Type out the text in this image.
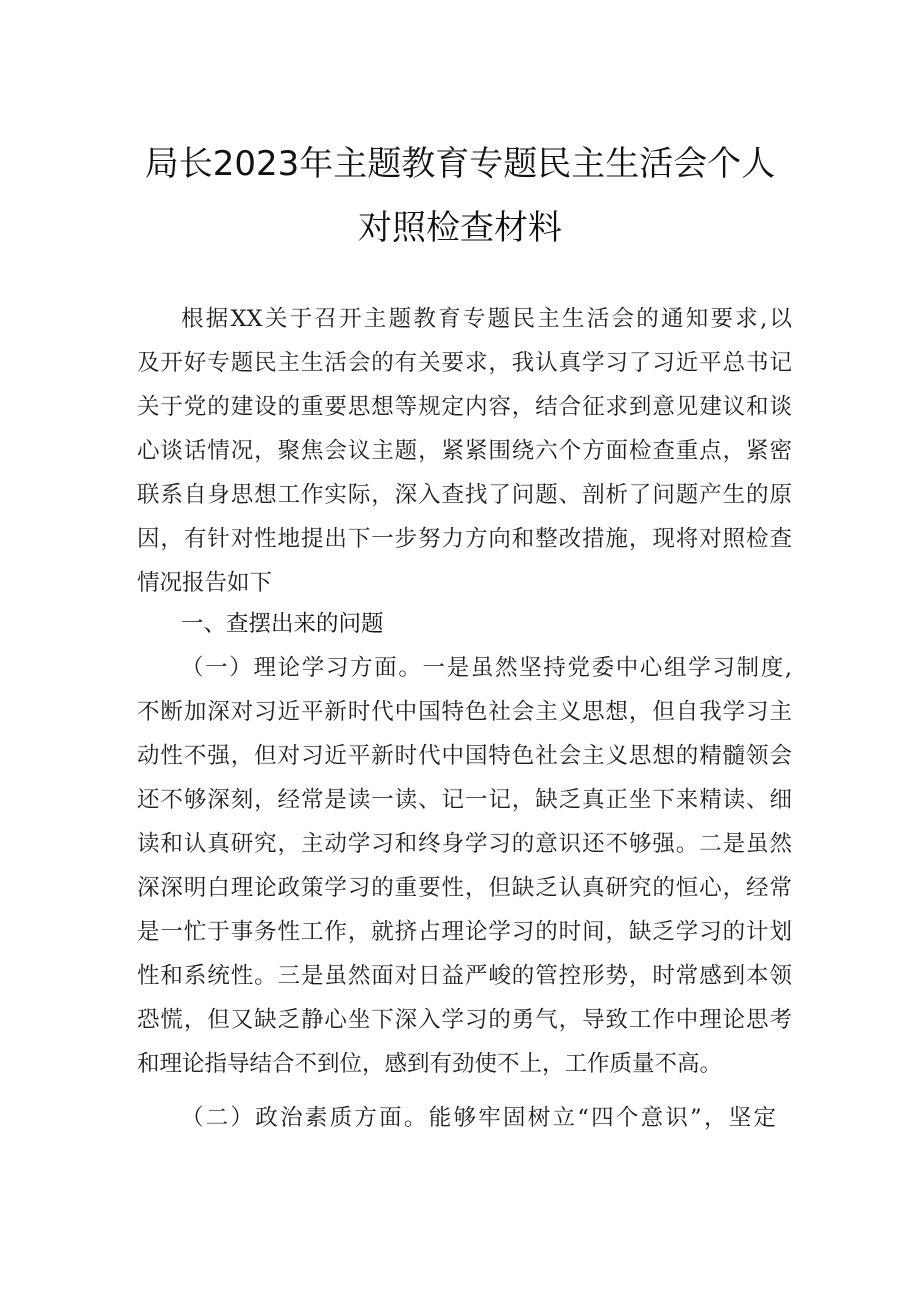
局长2023年主题教育专题民主生活会个人
对照检查材料
根据XX关于召开主题教育专题民主生活会的通知要求,以
及开好专题民主生活会的有关要求，我认真学习了习近平总书记
关于党的建设的重要思想等规定内容，结合征求到意见建议和谈
心谈话情况，聚焦会议主题，紧紧围绕六个方面检查重点，紧密
联系自身思想工作实际，深入查找了问题、剖析了问题产生的原
因，有针对性地提出下一步努力方向和整改措施，现将对照检查
情况报告如下
一、查摆出来的问题
（一）理论学习方面。一是虽然坚持党委中心组学习制度,
不断加深对习近平新时代中国特色社会主义思想，但自我学习主
动性不强，但对习近平新时代中国特色社会主义思想的精髓领会
还不够深刻，经常是读一读、记一记，缺乏真正坐下来精读、细
读和认真研究，主动学习和终身学习的意识还不够强。二是虽然
深深明白理论政策学习的重要性，但缺乏认真研究的恒心，经常
是一忙于事务性工作，就挤占理论学习的时间，缺乏学习的计划
性和系统性。三是虽然面对日益严峻的管控形势，时常感到本领
恐慌，但又缺乏静心坐下深入学习的勇气，导致工作中理论思考
和理论指导结合不到位，感到有劲使不上，工作质量不高。
（二）政治素质方面。能够牢固树立“四个意识”，坚定
